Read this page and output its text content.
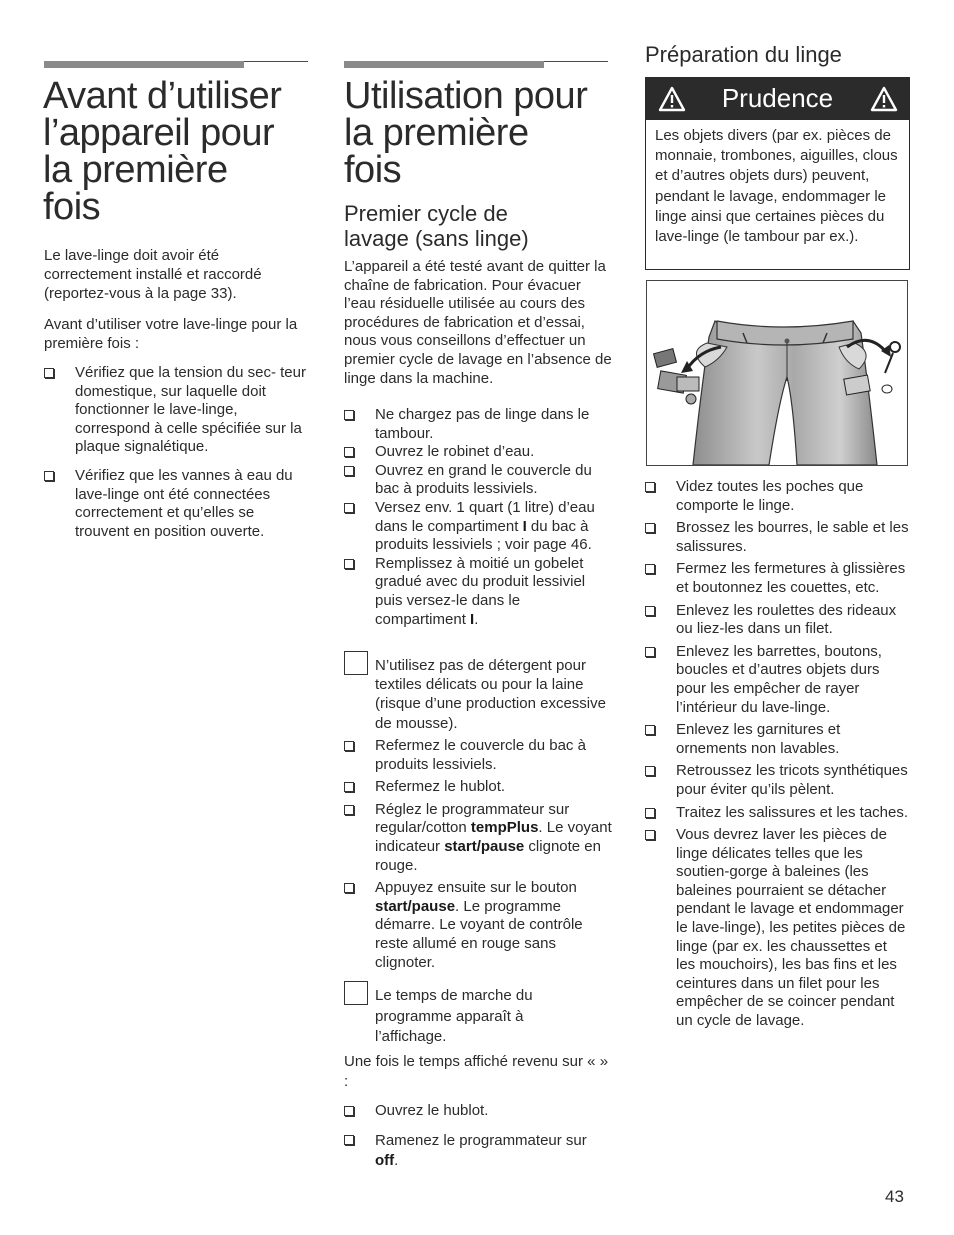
Avant d’utiliser
l’appareil pour
la première
fois

Le lave-linge doit avoir été correctement installé et raccordé (reportez-vous à la page 33).

Avant d’utiliser votre lave-linge pour la première fois :

Vérifiez que la tension du sec- teur domestique, sur laquelle doit fonctionner le lave-linge, correspond à celle spécifiée sur la plaque signalétique.
Vérifiez que les vannes à eau du lave-linge ont été connectées correctement et qu’elles se trouvent en position ouverte.
Utilisation pour
la première
fois
Premier cycle de
lavage (sans linge)

L’appareil a été testé avant de quitter la chaîne de fabrication. Pour évacuer l’eau résiduelle utilisée au cours des procédures de fabrication et d’essai, nous vous conseillons d’effectuer un premier cycle de lavage en l’absence de linge dans la machine.

Ne chargez pas de linge dans le tambour.
Ouvrez le robinet d’eau.
Ouvrez en grand le couvercle du bac à produits lessiviels.
Versez env. 1 quart (1 litre) d’eau dans le compartiment I du bac à produits lessiviels ; voir page 46.
Remplissez à moitié un gobelet gradué avec du produit lessiviel puis versez-le dans le compartiment I.

N’utilisez pas de détergent pour textiles délicats ou pour la laine (risque d’une production excessive de mousse).

Refermez le couvercle du bac à produits lessiviels.
Refermez le hublot.
Réglez le programmateur sur regular/cotton tempPlus. Le voyant indicateur start/pause clignote en rouge.
Appuyez ensuite sur le bouton start/pause. Le programme démarre. Le voyant de contrôle reste allumé en rouge sans clignoter.

Le temps de marche du programme apparaît à l’affichage.

Une fois le temps affiché revenu sur « » :

Ouvrez le hublot.
Ramenez le programmateur sur off.
Préparation du linge
Prudence

Les objets divers (par ex. pièces de monnaie, trombones, aiguilles, clous et d’autres objets durs) peuvent, pendant le lavage, endommager le linge ainsi que certaines pièces du lave-linge (le tambour par ex.).

Videz toutes les poches que comporte le linge.
Brossez les bourres, le sable et les salissures.
Fermez les fermetures à glissières et boutonnez les couettes, etc.
Enlevez les roulettes des rideaux ou liez-les dans un filet.
Enlevez les barrettes, boutons, boucles et d’autres objets durs pour les empêcher de rayer l’intérieur du lave-linge.
Enlevez les garnitures et ornements non lavables.
Retroussez les tricots synthétiques pour éviter qu’ils pèlent.
Traitez les salissures et les taches.
Vous devrez laver les pièces de linge délicates telles que les soutien-gorge à baleines (les baleines pourraient se détacher pendant le lavage et endommager le lave-linge), les petites pièces de linge (par ex. les chaussettes et les mouchoirs), les bas fins et les ceintures dans un filet pour les empêcher de se coincer pendant un cycle de lavage.
43
